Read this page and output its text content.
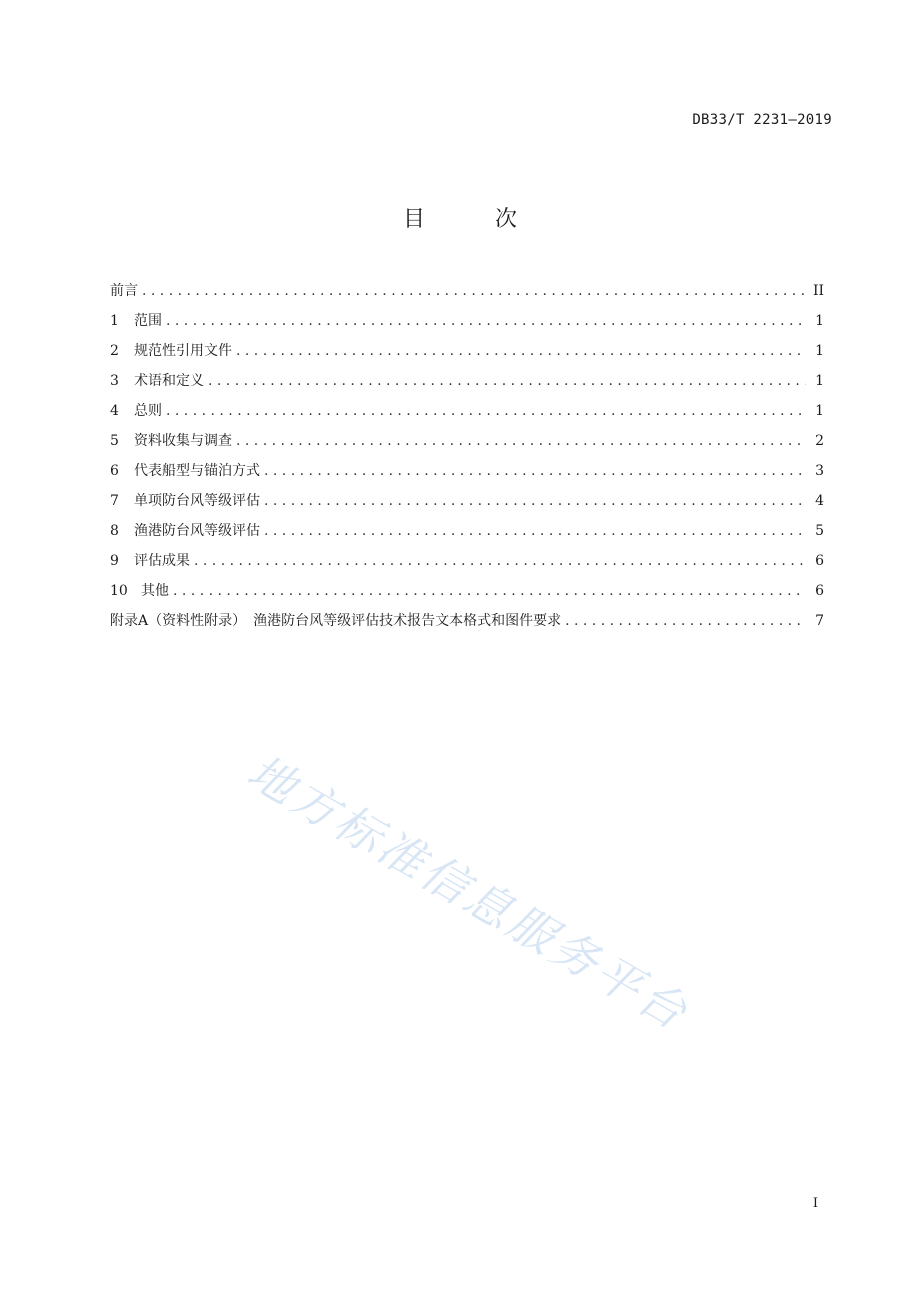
DB33/T 2231—2019
目　次
前言 . . .	II
1	范围 . . .	1
2	规范性引用文件 . . .	1
3	术语和定义 . . .	1
4	总则 . . .	1
5	资料收集与调查 . . .	2
6	代表船型与锚泊方式 . . .	3
7	单项防台风等级评估 . . .	4
8	渔港防台风等级评估 . . .	5
9	评估成果 . . .	6
10 其他 . . .	6
附录A（资料性附录）　渔港防台风等级评估技术报告文本格式和图件要求 . . .	7
地方标准信息服务平台
I
